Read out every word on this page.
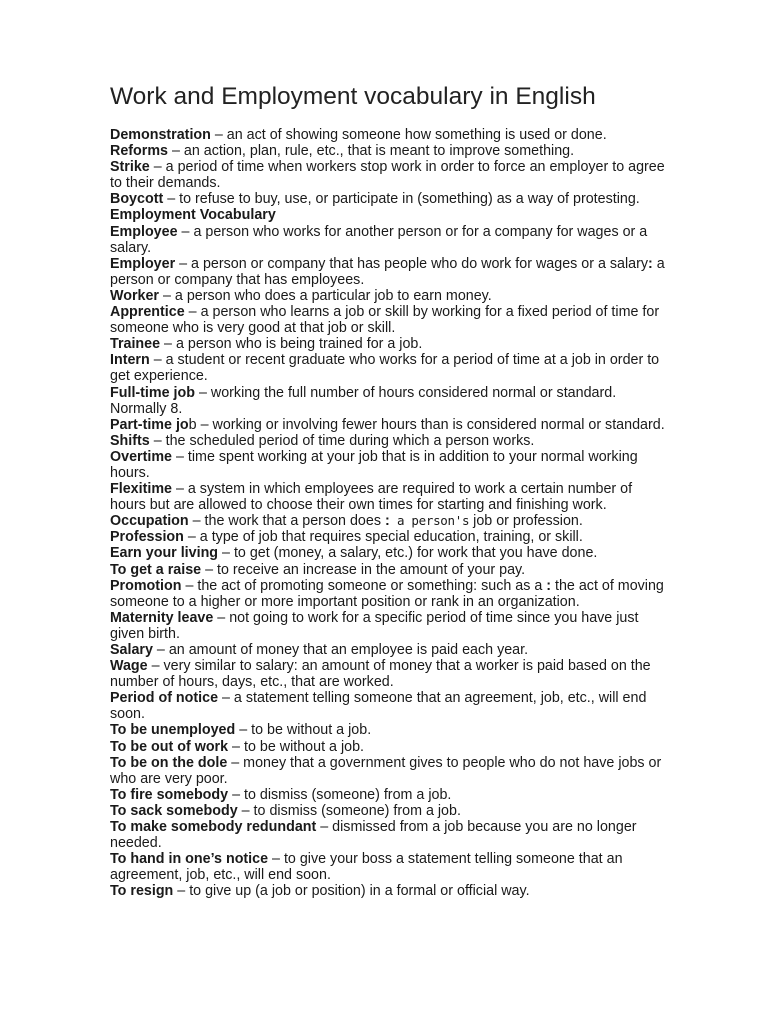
Work and Employment vocabulary in English

Demonstration – an act of showing someone how something is used or done.

Reforms – an action, plan, rule, etc., that is meant to improve something.

Strike – a period of time when workers stop work in order to force an employer to agree to their demands.

Boycott – to refuse to buy, use, or participate in (something) as a way of protesting.

Employment Vocabulary

Employee – a person who works for another person or for a company for wages or a salary.

Employer – a person or company that has people who do work for wages or a salary: a person or company that has employees.

Worker – a person who does a particular job to earn money.

Apprentice – a person who learns a job or skill by working for a fixed period of time for someone who is very good at that job or skill.

Trainee – a person who is being trained for a job.

Intern – a student or recent graduate who works for a period of time at a job in order to get experience.

Full-time job – working the full number of hours considered normal or standard. Normally 8.

Part-time job – working or involving fewer hours than is considered normal or standard.

Shifts – the scheduled period of time during which a person works.

Overtime – time spent working at your job that is in addition to your normal working hours.

Flexitime – a system in which employees are required to work a certain number of hours but are allowed to choose their own times for starting and finishing work.

Occupation – the work that a person does : a person's job or profession.

Profession – a type of job that requires special education, training, or skill.

Earn your living – to get (money, a salary, etc.) for work that you have done.

To get a raise – to receive an increase in the amount of your pay.

Promotion – the act of promoting someone or something: such as a : the act of moving someone to a higher or more important position or rank in an organization.

Maternity leave – not going to work for a specific period of time since you have just given birth.

Salary – an amount of money that an employee is paid each year.

Wage – very similar to salary: an amount of money that a worker is paid based on the number of hours, days, etc., that are worked.

Period of notice – a statement telling someone that an agreement, job, etc., will end soon.

To be unemployed – to be without a job.

To be out of work – to be without a job.

To be on the dole – money that a government gives to people who do not have jobs or who are very poor.

To fire somebody – to dismiss (someone) from a job.

To sack somebody – to dismiss (someone) from a job.

To make somebody redundant – dismissed from a job because you are no longer needed.

To hand in one’s notice – to give your boss a statement telling someone that an agreement, job, etc., will end soon.

To resign – to give up (a job or position) in a formal or official way.
